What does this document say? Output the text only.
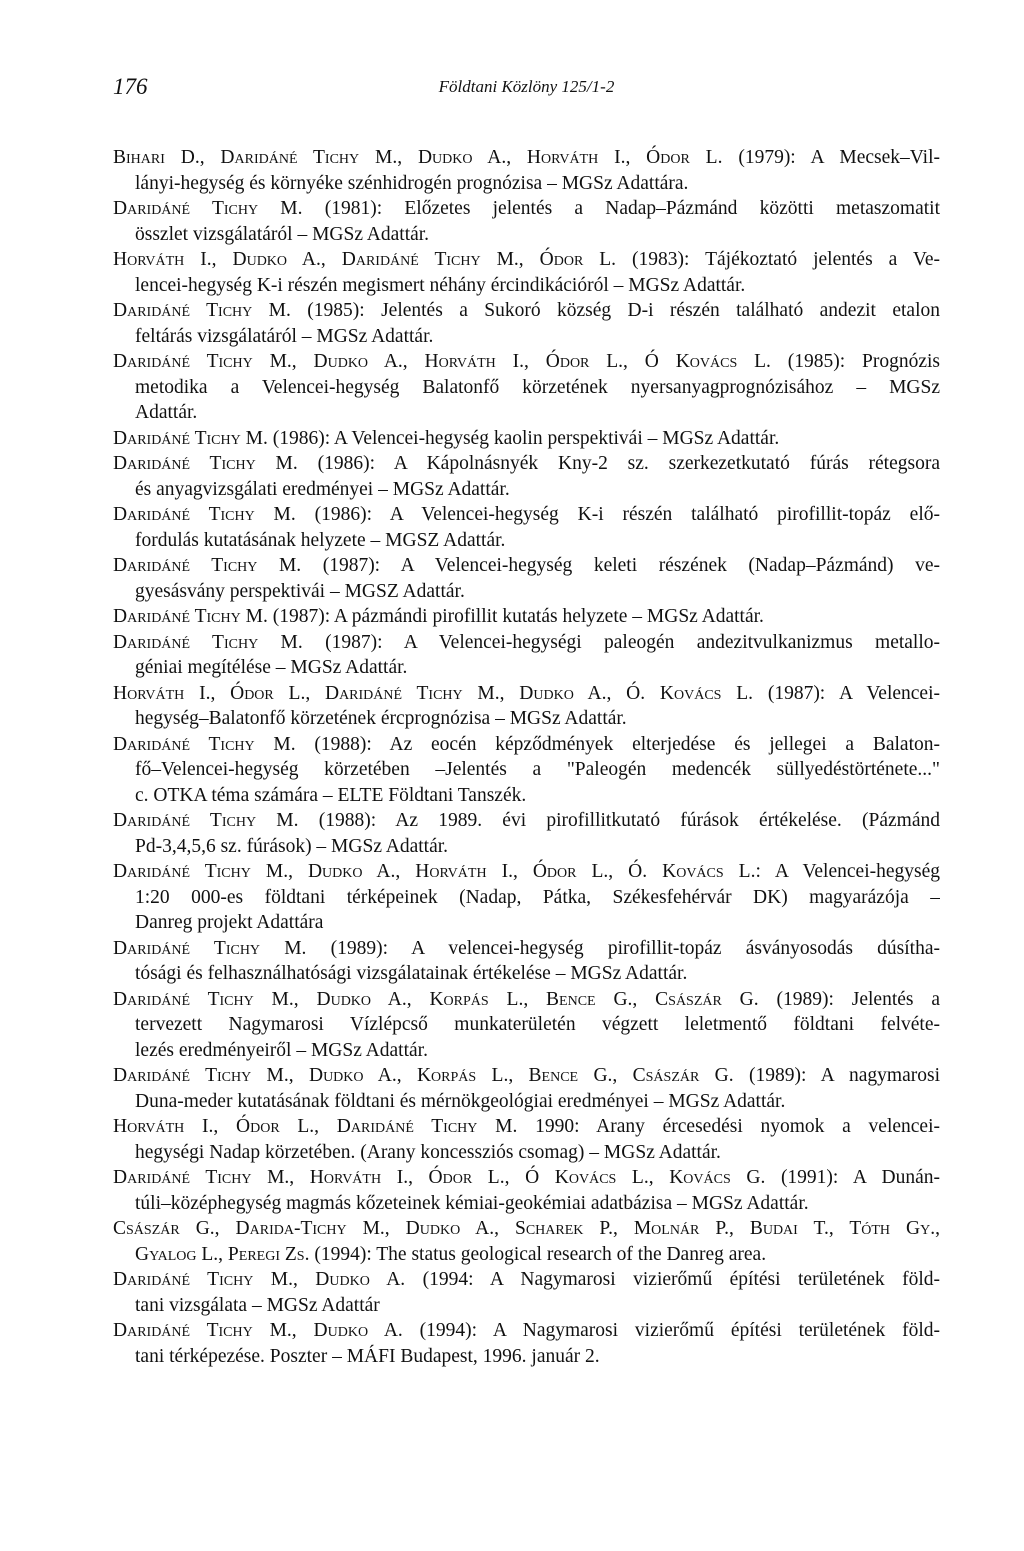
176	Földtani Közlöny 125/1-2
Bihari D., Daridáné Tichy M., Dudko A., Horváth I., Ódor L. (1979): A Mecsek–Vil-
lányi-hegység és környéke szénhidrogén prognózisa – MGSz Adattára.
Daridáné Tichy M. (1981): Előzetes jelentés a Nadap–Pázmánd közötti metaszomatit
összlet vizsgálatáról – MGSz Adattár.
Horváth I., Dudko A., Daridáné Tichy M., Ódor L. (1983): Tájékoztató jelentés a Ve-
lencei-hegység K-i részén megismert néhány ércindikációról – MGSz Adattár.
Daridáné Tichy M. (1985): Jelentés a Sukoró község D-i részén található andezit etalon
feltárás vizsgálatáról – MGSz Adattár.
Daridáné Tichy M., Dudko A., Horváth I., Ódor L., Ó Kovács L. (1985): Prognózis
metodika a Velencei-hegység Balatonfő körzetének nyersanyagprognózisához – MGSz
Adattár.
Daridáné Tichy M. (1986): A Velencei-hegység kaolin perspektivái – MGSz Adattár.
Daridáné Tichy M. (1986): A Kápolnásnyék Kny-2 sz. szerkezetkutató fúrás rétegsora
és anyagvizsgálati eredményei – MGSz Adattár.
Daridáné Tichy M. (1986): A Velencei-hegység K-i részén található pirofillit-topáz elő-
fordulás kutatásának helyzete – MGSZ Adattár.
Daridáné Tichy M. (1987): A Velencei-hegység keleti részének (Nadap–Pázmánd) ve-
gyesásvány perspektivái – MGSZ Adattár.
Daridáné Tichy M. (1987): A pázmándi pirofillit kutatás helyzete – MGSz Adattár.
Daridáné Tichy M. (1987): A Velencei-hegységi paleogén andezitvulkanizmus metallo-
géniai megítélése – MGSz Adattár.
Horváth I., Ódor L., Daridáné Tichy M., Dudko A., Ó. Kovács L. (1987): A Velencei-
hegység–Balatonfő körzetének ércprognózisa – MGSz Adattár.
Daridáné Tichy M. (1988): Az eocén képződmények elterjedése és jellegei a Balaton-
fő–Velencei-hegység körzetében –Jelentés a "Paleogén medencék süllyedéstörténete..."
c. OTKA téma számára – ELTE Földtani Tanszék.
Daridáné Tichy M. (1988): Az 1989. évi pirofillitkutató fúrások értékelése. (Pázmánd
Pd-3,4,5,6 sz. fúrások) – MGSz Adattár.
Daridáné Tichy M., Dudko A., Horváth I., Ódor L., Ó. Kovács L.: A Velencei-hegység
1:20 000-es földtani térképeinek (Nadap, Pátka, Székesfehérvár DK) magyarázója –
Danreg projekt Adattára
Daridáné Tichy M. (1989): A velencei-hegység pirofillit-topáz ásványosodás dúsítha-
tósági és felhasználhatósági vizsgálatainak értékelése – MGSz Adattár.
Daridáné Tichy M., Dudko A., Korpás L., Bence G., Császár G. (1989): Jelentés a
tervezett Nagymarosi Vízlépcső munkaterületén végzett leletmentő földtani felvéte-
lezés eredményeiről – MGSz Adattár.
Daridáné Tichy M., Dudko A., Korpás L., Bence G., Császár G. (1989): A nagymarosi
Duna-meder kutatásának földtani és mérnökgeológiai eredményei – MGSz Adattár.
Horváth I., Ódor L., Daridáné Tichy M. 1990: Arany ércesedési nyomok a velencei-
hegységi Nadap körzetében. (Arany koncessziós csomag) – MGSz Adattár.
Daridáné Tichy M., Horváth I., Ódor L., Ó Kovács L., Kovács G. (1991): A Dunán-
túli–középhegység magmás kőzeteinek kémiai-geokémiai adatbázisa – MGSz Adattár.
Császár G., Darida-Tichy M., Dudko A., Scharek P., Molnár P., Budai T., Tóth Gy.,
Gyalog L., Peregi Zs. (1994): The status geological research of the Danreg area.
Daridáné Tichy M., Dudko A. (1994: A Nagymarosi vizierőmű építési területének föld-
tani vizsgálata – MGSz Adattár
Daridáné Tichy M., Dudko A. (1994): A Nagymarosi vizierőmű építési területének föld-
tani térképezése. Poszter – MÁFI Budapest, 1996. január 2.
